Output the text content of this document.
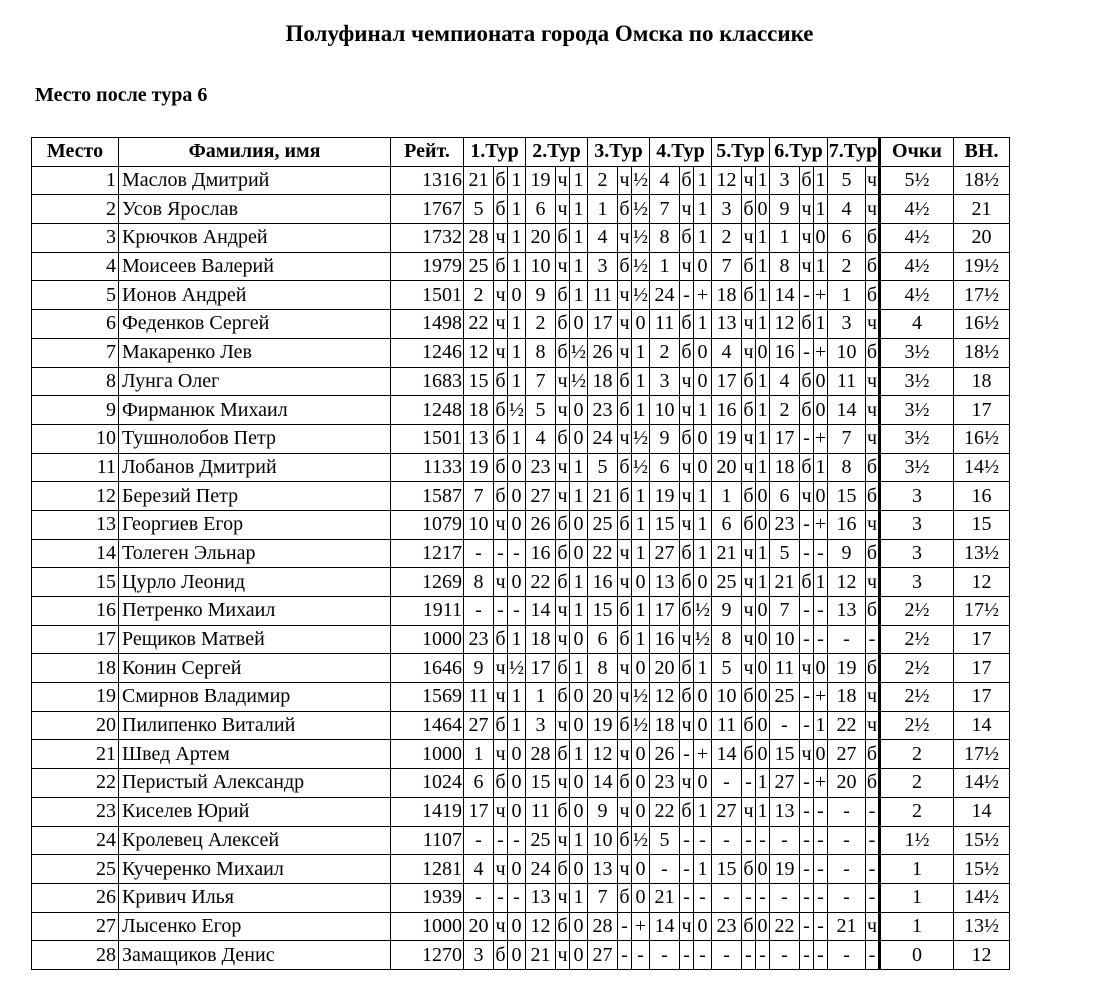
Полуфинал чемпионата города Омска по классике
Место после тура 6
Место	Фамилия, имя	Рейт.	1.Тур			2.Тур			3.Тур			4.Тур			5.Тур			6.Тур			7.Тур		Очки	ВН.
1	Маслов Дмитрий	1316	21	б	1	19	ч	1	2	ч	½	4	б	1	12	ч	1	3	б	1	5	ч	5½	18½
2	Усов Ярослав	1767	5	б	1	6	ч	1	1	б	½	7	ч	1	3	б	0	9	ч	1	4	ч	4½	21
3	Крючков Андрей	1732	28	ч	1	20	б	1	4	ч	½	8	б	1	2	ч	1	1	ч	0	6	б	4½	20
4	Моисеев Валерий	1979	25	б	1	10	ч	1	3	б	½	1	ч	0	7	б	1	8	ч	1	2	б	4½	19½
5	Ионов Андрей	1501	2	ч	0	9	б	1	11	ч	½	24	-	+	18	б	1	14	-	+	1	б	4½	17½
6	Феденков Сергей	1498	22	ч	1	2	б	0	17	ч	0	11	б	1	13	ч	1	12	б	1	3	ч	4	16½
7	Макаренко Лев	1246	12	ч	1	8	б	½	26	ч	1	2	б	0	4	ч	0	16	-	+	10	б	3½	18½
8	Лунга Олег	1683	15	б	1	7	ч	½	18	б	1	3	ч	0	17	б	1	4	б	0	11	ч	3½	18
9	Фирманюк Михаил	1248	18	б	½	5	ч	0	23	б	1	10	ч	1	16	б	1	2	б	0	14	ч	3½	17
10	Тушнолобов Петр	1501	13	б	1	4	б	0	24	ч	½	9	б	0	19	ч	1	17	-	+	7	ч	3½	16½
11	Лобанов Дмитрий	1133	19	б	0	23	ч	1	5	б	½	6	ч	0	20	ч	1	18	б	1	8	б	3½	14½
12	Березий Петр	1587	7	б	0	27	ч	1	21	б	1	19	ч	1	1	б	0	6	ч	0	15	б	3	16
13	Георгиев Егор	1079	10	ч	0	26	б	0	25	б	1	15	ч	1	6	б	0	23	-	+	16	ч	3	15
14	Толеген Эльнар	1217	-	-	-	16	б	0	22	ч	1	27	б	1	21	ч	1	5	-	-	9	б	3	13½
15	Цурло Леонид	1269	8	ч	0	22	б	1	16	ч	0	13	б	0	25	ч	1	21	б	1	12	ч	3	12
16	Петренко Михаил	1911	-	-	-	14	ч	1	15	б	1	17	б	½	9	ч	0	7	-	-	13	б	2½	17½
17	Рещиков Матвей	1000	23	б	1	18	ч	0	6	б	1	16	ч	½	8	ч	0	10	-	-	-	-	2½	17
18	Конин Сергей	1646	9	ч	½	17	б	1	8	ч	0	20	б	1	5	ч	0	11	ч	0	19	б	2½	17
19	Смирнов Владимир	1569	11	ч	1	1	б	0	20	ч	½	12	б	0	10	б	0	25	-	+	18	ч	2½	17
20	Пилипенко Виталий	1464	27	б	1	3	ч	0	19	б	½	18	ч	0	11	б	0	-	-	1	22	ч	2½	14
21	Швед Артем	1000	1	ч	0	28	б	1	12	ч	0	26	-	+	14	б	0	15	ч	0	27	б	2	17½
22	Перистый Александр	1024	6	б	0	15	ч	0	14	б	0	23	ч	0	-	-	1	27	-	+	20	б	2	14½
23	Киселев Юрий	1419	17	ч	0	11	б	0	9	ч	0	22	б	1	27	ч	1	13	-	-	-	-	2	14
24	Кролевец Алексей	1107	-	-	-	25	ч	1	10	б	½	5	-	-	-	-	-	-	-	-	-	-	1½	15½
25	Кучеренко Михаил	1281	4	ч	0	24	б	0	13	ч	0	-	-	1	15	б	0	19	-	-	-	-	1	15½
26	Кривич Илья	1939	-	-	-	13	ч	1	7	б	0	21	-	-	-	-	-	-	-	-	-	-	1	14½
27	Лысенко Егор	1000	20	ч	0	12	б	0	28	-	+	14	ч	0	23	б	0	22	-	-	21	ч	1	13½
28	Замащиков Денис	1270	3	б	0	21	ч	0	27	-	-	-	-	-	-	-	-	-	-	-	-	-	0	12
